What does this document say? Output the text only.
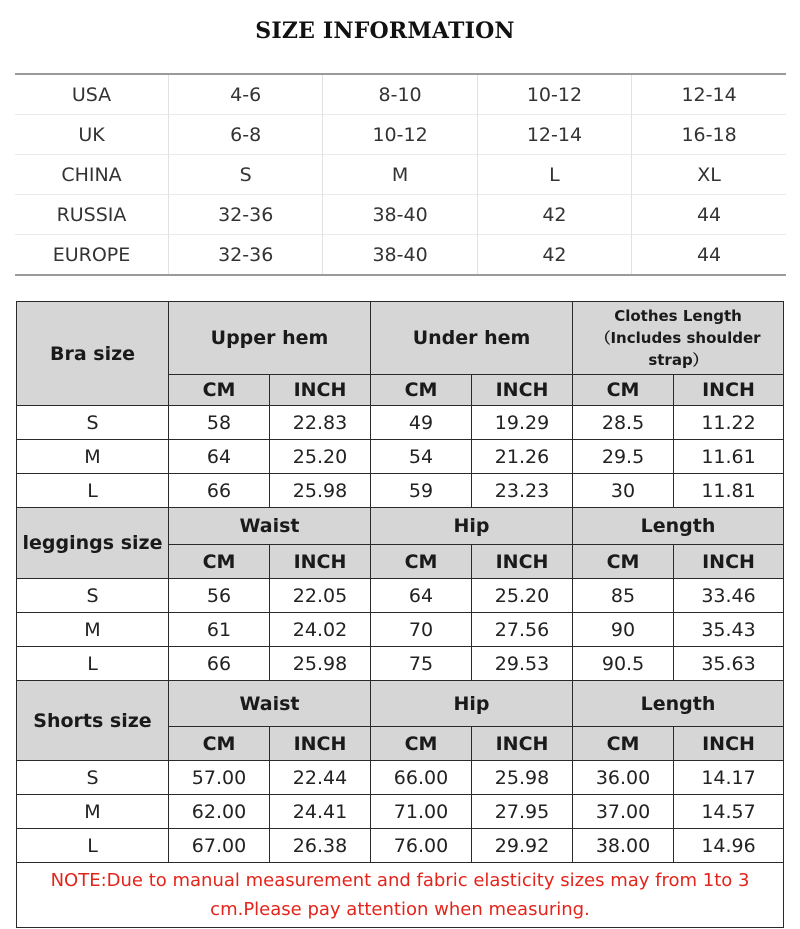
SIZE INFORMATION
USA	4-6	8-10	10-12	12-14
UK	6-8	10-12	12-14	16-18
CHINA	S	M	L	XL
RUSSIA	32-36	38-40	42	44
EUROPE	32-36	38-40	42	44
Bra size	Upper hem		Under hem		Clothes Length（Includes shoulder strap）	
	CM	INCH	CM	INCH	CM	INCH
S	58	22.83	49	19.29	28.5	11.22
M	64	25.20	54	21.26	29.5	11.61
L	66	25.98	59	23.23	30	11.81
leggings size	Waist		Hip		Length	
	CM	INCH	CM	INCH	CM	INCH
S	56	22.05	64	25.20	85	33.46
M	61	24.02	70	27.56	90	35.43
L	66	25.98	75	29.53	90.5	35.63
Shorts size	Waist		Hip		Length	
	CM	INCH	CM	INCH	CM	INCH
S	57.00	22.44	66.00	25.98	36.00	14.17
M	62.00	24.41	71.00	27.95	37.00	14.57
L	67.00	26.38	76.00	29.92	38.00	14.96
NOTE:Due to manual measurement and fabric elasticity sizes may from 1to 3 cm.Please pay attention when measuring.						
